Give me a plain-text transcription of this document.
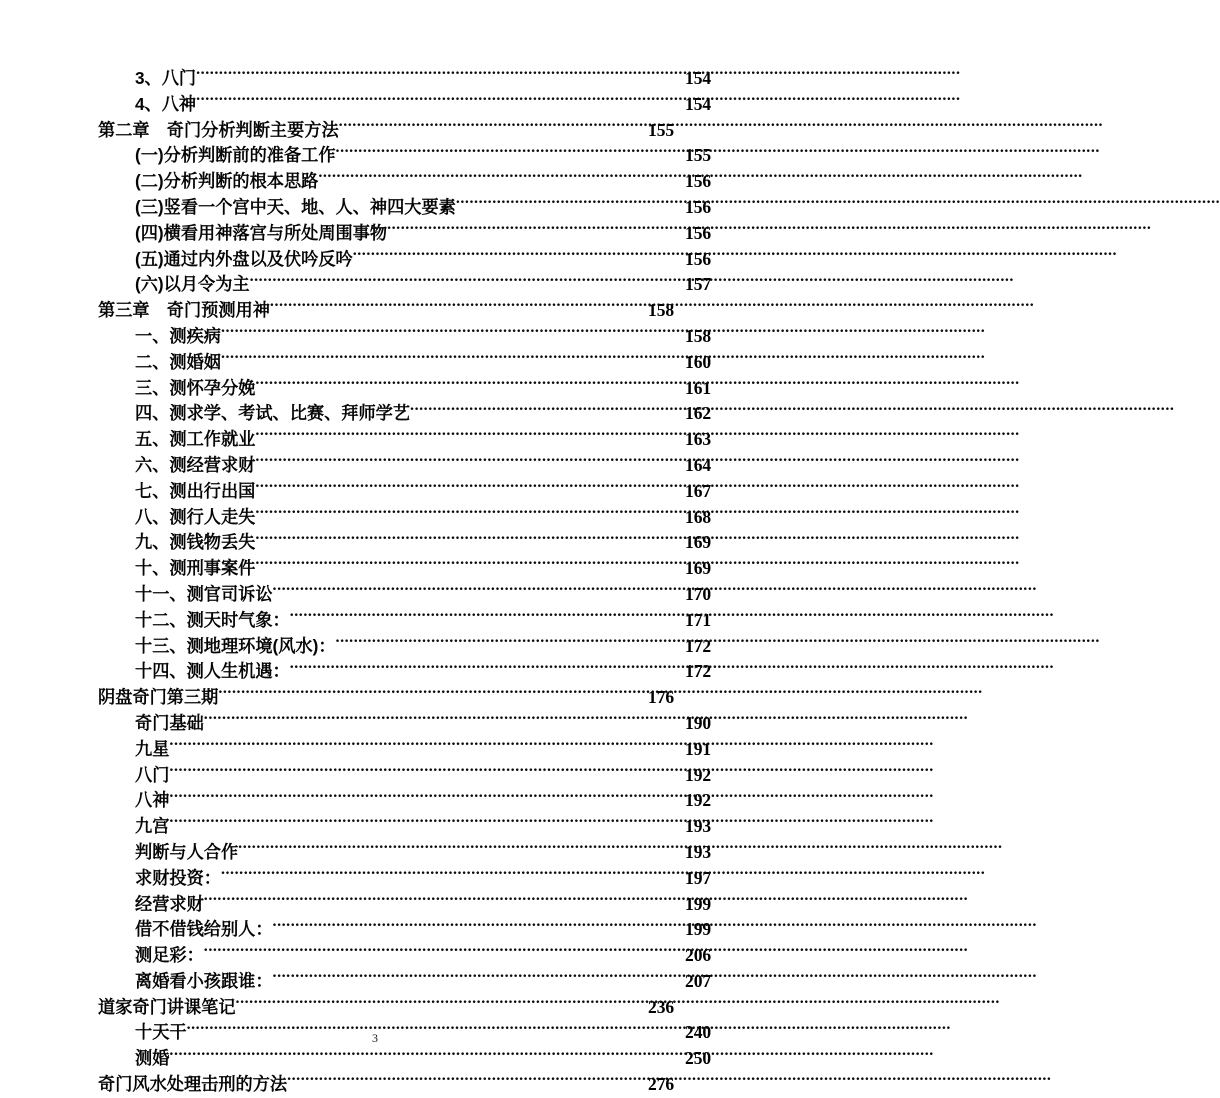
3、八门 .....	154
4、八神 .....	154
第二章　奇门分析判断主要方法 .....	155
(一)分析判断前的准备工作 .....	155
(二)分析判断的根本思路 .....	156
(三)竖看一个宫中天、地、人、神四大要素 .....	156
(四)横看用神落宫与所处周围事物 .....	156
(五)通过内外盘以及伏吟反吟 .....	156
(六)以月令为主 .....	157
第三章　奇门预测用神 .....	158
一、测疾病 .....	158
二、测婚姻 .....	160
三、测怀孕分娩 .....	161
四、测求学、考试、比赛、拜师学艺 .....	162
五、测工作就业 .....	163
六、测经营求财 .....	164
七、测出行出国 .....	167
八、测行人走失 .....	168
九、测钱物丢失 .....	169
十、测刑事案件 .....	169
十一、测官司诉讼 .....	170
十二、测天时气象： .....	171
十三、测地理环境(风水)： .....	172
十四、测人生机遇： .....	172
阴盘奇门第三期 .....	176
奇门基础 .....	190
九星 .....	191
八门 .....	192
八神 .....	192
九宫 .....	193
判断与人合作 .....	193
求财投资： .....	197
经营求财 .....	199
借不借钱给别人： .....	199
测足彩： .....	206
离婚看小孩跟谁： .....	207
道家奇门讲课笔记 .....	236
十天干 .....	240
测婚 .....	250
奇门风水处理击刑的方法 .....	276
3
